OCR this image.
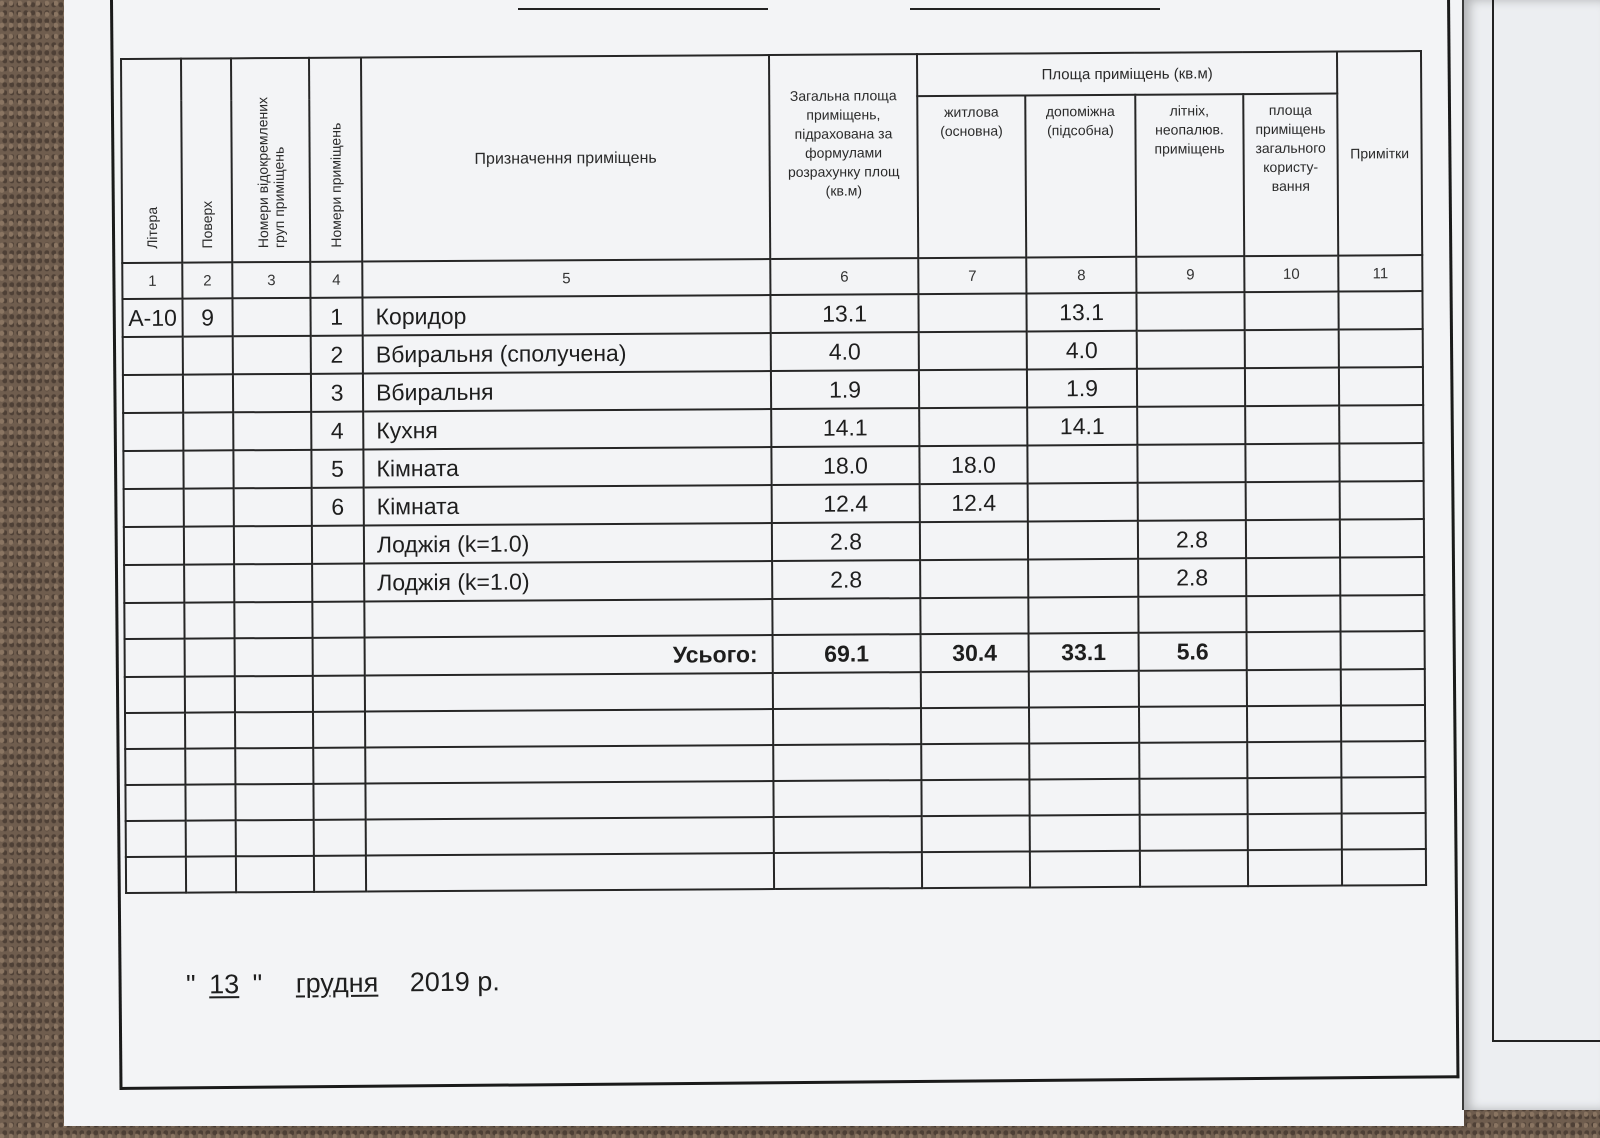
Літера	Поверх	Номери відокремлених груп приміщень	Номери приміщень	Призначення приміщень	Загальна площа приміщень, підрахована за формулами розрахунку площ (кв.м)	Площа приміщень (кв.м)				Примітки
						житлова (основна)	допоміжна (підсобна)	літніх, неопалюв. приміщень	площа приміщень загального користу-вання	
1	2	3	4	5	6	7	8	9	10	11
А-10	9		1	Коридор	13.1		13.1			
			2	Вбиральня (сполучена)	4.0		4.0			
			3	Вбиральня	1.9		1.9			
			4	Кухня	14.1		14.1			
			5	Кімната	18.0	18.0				
			6	Кімната	12.4	12.4				
				Лоджія (k=1.0)	2.8			2.8		
				Лоджія (k=1.0)	2.8			2.8		

				Усього:	69.1	30.4	33.1	5.6		

" 13 " грудня 2019 р.
